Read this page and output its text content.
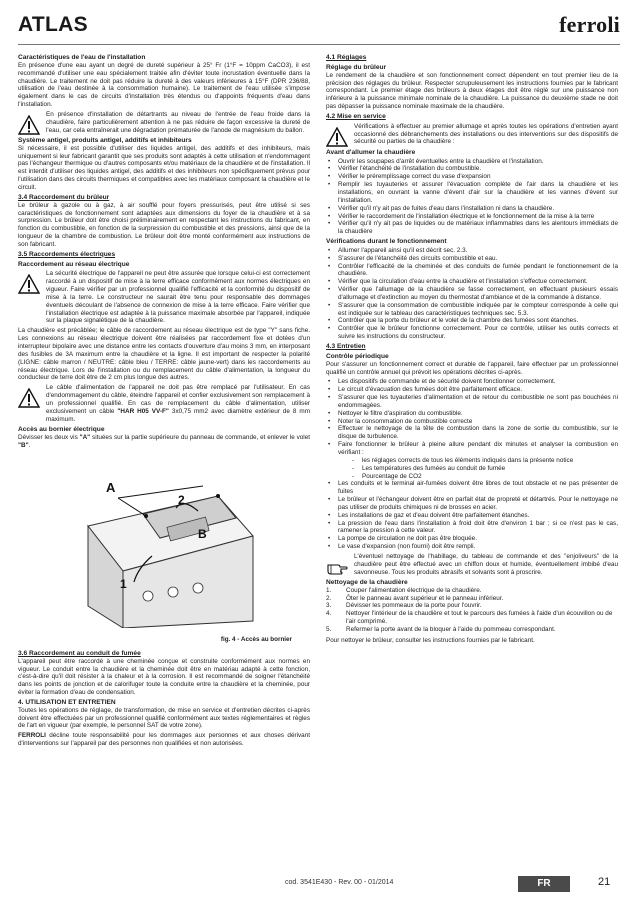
ATLAS	ferroli
Caractéristiques de l'eau de l'installation
En présence d'une eau ayant un degré de dureté supérieur à 25° Fr (1°F = 10ppm CaCO3), il est recommandé d'utiliser une eau spécialement traitée afin d'éviter toute incrustation éventuelle dans la chaudière. Le traitement ne doit pas réduire la dureté à des valeurs inférieures à 15°F (DPR 236/88, utilisation de l'eau destinée à la consommation humaine). Le traitement de l'eau utilisée s'impose également dans le cas de circuits d'installation très étendus ou d'appoints fréquents d'eau dans l'installation.
En présence d'installation de détartrants au niveau de l'entrée de l'eau froide dans la chaudière, faire particulièrement attention à ne pas réduire de façon excessive la dureté de l'eau, car cela entraînerait une dégradation prématurée de l'anode de magnésium du ballon.
Système antigel, produits antigel, additifs et inhibiteurs
Si nécessaire, il est possible d'utiliser des liquides antigel, des additifs et des inhibiteurs, mais uniquement si leur fabricant garantit que ses produits sont adaptés à cette utilisation et n'endommagent pas l'échangeur thermique ou d'autres composants et/ou matériaux de la chaudière et de l'installation. Il est interdit d'utiliser des liquides antigel, des additifs et des inhibiteurs non spécifiquement prévus pour l'utilisation dans des circuits thermiques et compatibles avec les matériaux composant la chaudière et le circuit.
3.4 Raccordement du brûleur
Le brûleur à gazole ou à gaz, à air soufflé pour foyers pressurisés, peut être utilisé si ses caractéristiques de fonctionnement sont adaptées aux dimensions du foyer de la chaudière et à sa surpression. Le brûleur doit être choisi préliminairement en respectant les instructions du fabricant, en fonction du combustible, en fonction de la surpression du combustible et des pressions, ainsi que de la longueur de la chambre de combustion. Le brûleur doit être monté conformément aux instructions de son fabricant.
3.5 Raccordements électriques
Raccordement au réseau électrique
La sécurité électrique de l'appareil ne peut être assurée que lorsque celui-ci est correctement raccordé à un dispositif de mise à la terre efficace conformément aux normes électriques en vigueur. Faire vérifier par un professionnel qualifié l'efficacité et la conformité du dispositif de mise à la terre. Le constructeur ne saurait être tenu pour responsable des dommages éventuels découlant de l'absence de connexion de mise à la terre efficace. Faire vérifier que l'installation électrique est adaptée à la puissance maximale absorbée par l'appareil, indiquée sur la plaque signalétique de la chaudière.
La chaudière est précâblée; le câble de raccordement au réseau électrique est de type "Y" sans fiche. Les connexions au réseau électrique doivent être réalisées par raccordement fixe et dotées d'un interrupteur bipolaire avec une distance entre les contacts d'ouverture d'au moins 3 mm, en interposant des fusibles de 3A maximum entre la chaudière et la ligne. Il est important de respecter la polarité (LIGNE: câble marron / NEUTRE: câble bleu / TERRE: câble jaune-vert) dans les raccordements au réseau électrique. Lors de l'installation ou du remplacement du câble d'alimentation, la longueur du conducteur de terre doit être de 2 cm plus longue des autres.
Le câble d'alimentation de l'appareil ne doit pas être remplacé par l'utilisateur. En cas d'endommagement du câble, éteindre l'appareil et confier exclusivement son remplacement à un professionnel qualifié. En cas de remplacement du câble d'alimentation, utiliser exclusivement un câble "HAR H05 VV-F" 3x0,75 mm2 avec diamètre extérieur de 8 mm maximum.
Accès au bornier électrique
Dévisser les deux vis "A" situées sur la partie supérieure du panneau de commande, et enlever le volet "B".
A
2
B
1
fig. 4 - Accès au bornier
3.6 Raccordement au conduit de fumée
L'appareil peut être raccordé à une cheminée conçue et construite conformément aux normes en vigueur. Le conduit entre la chaudière et la cheminée doit être en matériau adapté à cette fonction, c'est-à-dire qu'il doit résister à la chaleur et à la corrosion. Il est recommandé de soigner l'étanchéité dans les points de jonction et de calorifuger toute la conduite entre la chaudière et la cheminée, pour éviter la formation d'eau de condensation.
4. UTILISATION ET ENTRETIEN
Toutes les opérations de réglage, de transformation, de mise en service et d'entretien décrites ci-après doivent être effectuées par un professionnel qualifié conformément aux textes réglementaires et règles de l'art en vigueur (par exemple, le personnel SAT de votre zone).
FERROLI décline toute responsabilité pour les dommages aux personnes et aux choses dérivant d'interventions sur l'appareil par des personnes non qualifiées et non autorisées.
4.1 Réglages
Réglage du brûleur
Le rendement de la chaudière et son fonctionnement correct dépendent en tout premier lieu de la précision des réglages du brûleur. Respecter scrupuleusement les instructions fournies par le fabricant correspondant. Le premier étage des brûleurs à deux étages doit être réglé sur une puissance non inférieure à la puissance minimale nominale de la chaudière. La puissance du deuxième stade ne doit pas dépasser la puissance nominale maximale de la chaudière.
4.2 Mise en service
Vérifications à effectuer au premier allumage et après toutes les opérations d'entretien ayant occasionné des débranchements des installations ou des interventions sur des dispositifs de sécurité ou parties de la chaudière :
Avant d'allumer la chaudière
• Ouvrir les soupapes d'arrêt éventuelles entre la chaudière et l'installation.
• Vérifier l'étanchéité de l'installation du combustible.
• Vérifier le préremplissage correct du vase d'expansion
• Remplir les tuyauteries et assurer l'évacuation complète de l'air dans la chaudière et les installations, en ouvrant la vanne d'évent d'air sur la chaudière et les vannes d'évent sur l'installation.
• Vérifier qu'il n'y ait pas de fuites d'eau dans l'installation ni dans la chaudière.
• Vérifier le raccordement de l'installation électrique et le fonctionnement de la mise à la terre
• Vérifier qu'il n'y ait pas de liquides ou de matériaux inflammables dans les alentours immédiats de la chaudière
Vérifications durant le fonctionnement
• Allumer l'appareil ainsi qu'il est décrit sec. 2.3.
• S'assurer de l'étanchéité des circuits combustible et eau.
• Contrôler l'efficacité de la cheminée et des conduits de fumée pendant le fonctionnement de la chaudière.
• Vérifier que la circulation d'eau entre la chaudière et l'installation s'effectue correctement.
• Vérifier que l'allumage de la chaudière se fasse correctement, en effectuant plusieurs essais d'allumage et d'extinction au moyen du thermostat d'ambiance et de la commande à distance.
• S'assurer que la consommation de combustible indiquée par le compteur corresponde à celle qui est indiquée sur le tableau des caractéristiques techniques sec. 5.3.
• Contrôler que la porte du brûleur et le volet de la chambre des fumées sont étanches.
• Contrôler que le brûleur fonctionne correctement. Pour ce contrôle, utiliser les outils corrects et suivre les instructions du constructeur.
4.3 Entretien
Contrôle périodique
Pour s'assurer un fonctionnement correct et durable de l'appareil, faire effectuer par un professionnel qualifié un contrôle annuel qui prévoit les opérations décrites ci-après.
• Les dispositifs de commande et de sécurité doivent fonctionner correctement.
• Le circuit d'évacuation des fumées doit être parfaitement efficace.
• S'assurer que les tuyauteries d'alimentation et de retour du combustible ne sont pas bouchées ni endommagées.
• Nettoyer le filtre d'aspiration du combustible.
• Noter la consommation de combustible correcte
• Effectuer le nettoyage de la tête de combustion dans la zone de sortie du combustible, sur le disque de turbulence.
• Faire fonctionner le brûleur à pleine allure pendant dix minutes et analyser la combustion en vérifiant :
- les réglages corrects de tous les éléments indiqués dans la présente notice
- Les températures des fumées au conduit de fumée
- Pourcentage de CO2
• Les conduits et le terminal air-fumées doivent être libres de tout obstacle et ne pas présenter de fuites
• Le brûleur et l'échangeur doivent être en parfait état de propreté et détartrés. Pour le nettoyage ne pas utiliser de produits chimiques ni de brosses en acier.
• Les installations de gaz et d'eau doivent être parfaitement étanches.
• La pression de l'eau dans l'installation à froid doit être d'environ 1 bar ; si ce n'est pas le cas, ramener la pression à cette valeur.
• La pompe de circulation ne doit pas être bloquée.
• Le vase d'expansion (non fourni) doit être rempli.
L'éventuel nettoyage de l'habillage, du tableau de commande et des "enjoliveurs" de la chaudière peut être effectué avec un chiffon doux et humide, éventuellement imbibé d'eau savonneuse. Tous les produits abrasifs et solvants sont à proscrire.
Nettoyage de la chaudière
1.	Couper l'alimentation électrique de la chaudière.
2.	Ôter le panneau avant supérieur et le panneau inférieur.
3.	Dévisser les pommeaux de la porte pour l'ouvrir.
4.	Nettoyer l'intérieur de la chaudière et tout le parcours des fumées à l'aide d'un écouvillon ou de l'air comprimé.
5.	Refermer la porte avant de la bloquer à l'aide du pommeau correspondant.
Pour nettoyer le brûleur, consulter les instructions fournies par le fabricant.
cod. 3541E430 - Rev. 00 - 01/2014	FR	21
